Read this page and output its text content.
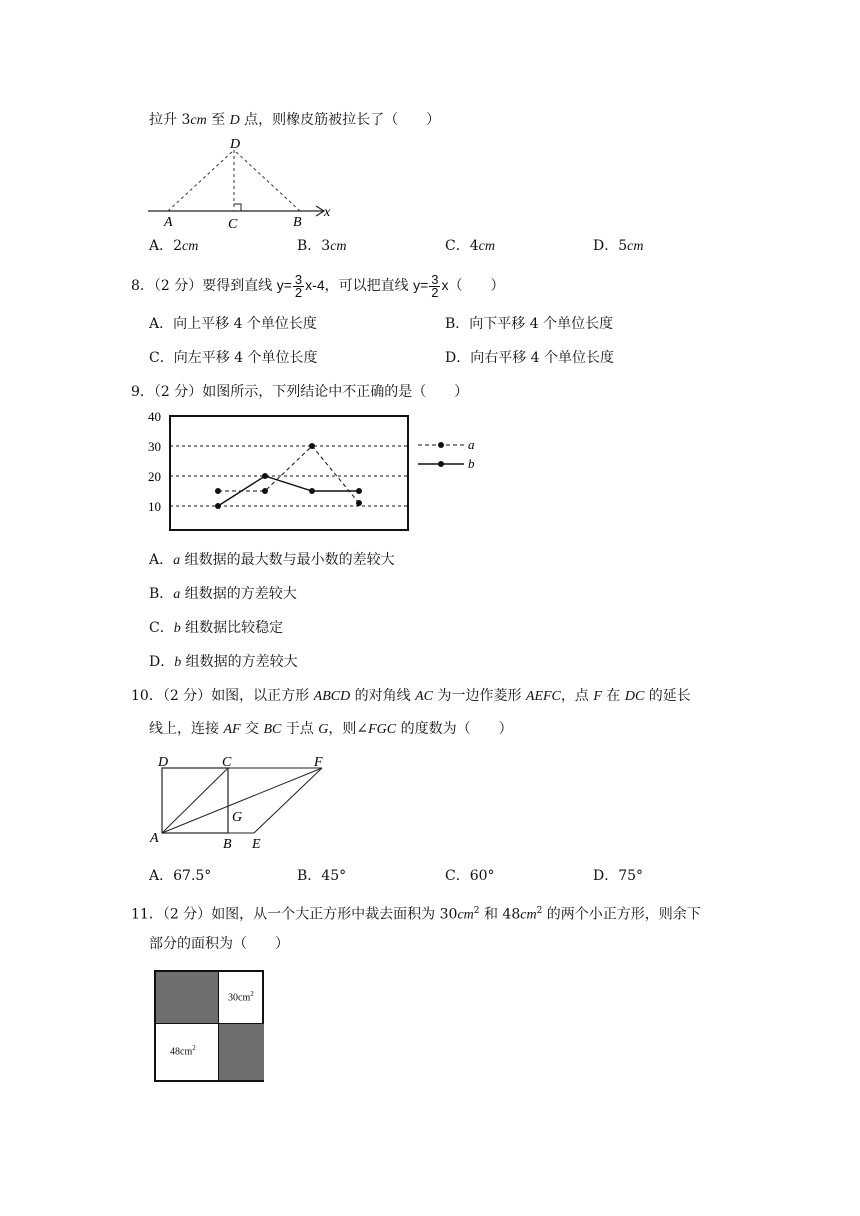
拉升 3cm 至 D 点，则橡皮筋被拉长了（　　）
D
A	C	B
x
A．2cm	B．3cm	C．4cm	D．5cm
8．（2 分）要得到直线 $y= \frac{3}{2} x-4$，可以把直线 $y= \frac{3}{2} x$（　　）
A．向上平移 4 个单位长度	B．向下平移 4 个单位长度
C．向左平移 4 个单位长度	D．向右平移 4 个单位长度
9．（2 分）如图所示，下列结论中不正确的是（　　）
40
30
20
10
a
b
A．a 组数据的最大数与最小数的差较大
B．a 组数据的方差较大
C．b 组数据比较稳定
D．b 组数据的方差较大
10．（2 分）如图，以正方形 ABCD 的对角线 AC 为一边作菱形 AEFC，点 F 在 DC 的延长
线上，连接 AF 交 BC 于点 G，则∠FGC 的度数为（　　）
D	C	F
G
A	B E
A．67.5°	B．45°	C．60°	D．75°
11．（2 分）如图，从一个大正方形中裁去面积为 $30cm^2$ 和 $48cm^2$ 的两个小正方形，则余下
部分的面积为（　　）
$30cm^2$
$48cm^2$
